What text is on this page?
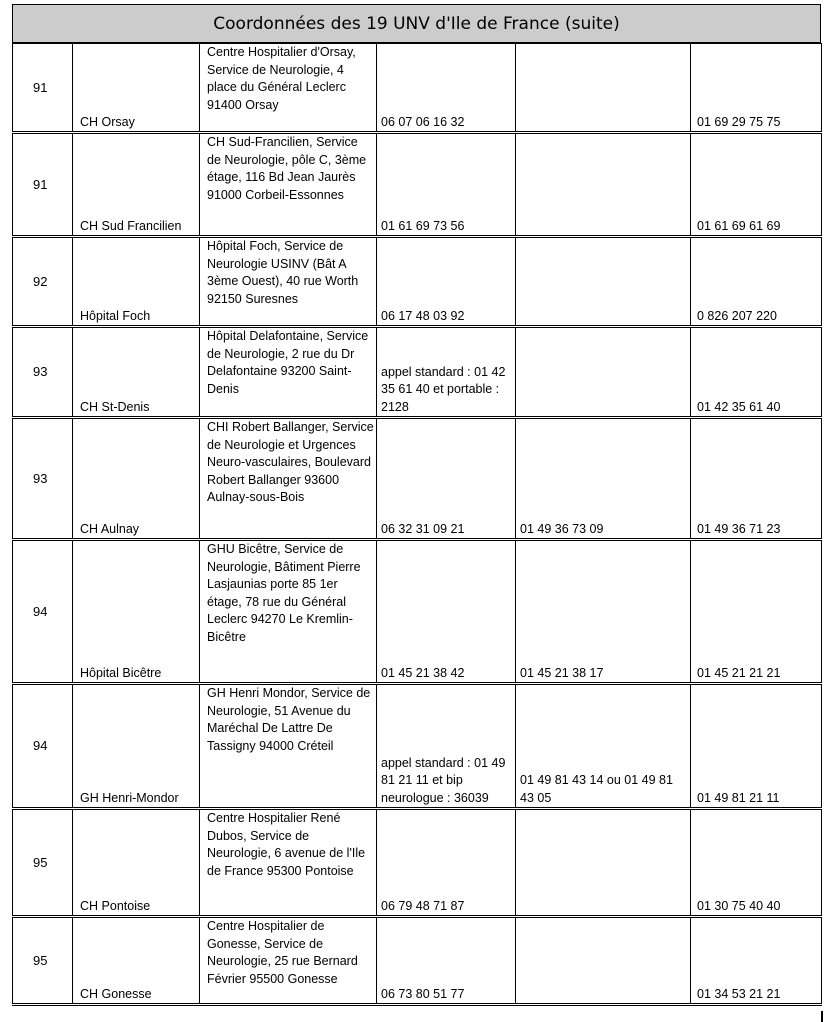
Coordonnées des 19 UNV d'Ile de France (suite)
91	CH Orsay	Centre Hospitalier d'Orsay, Service de Neurologie, 4 place du Général Leclerc 91400 Orsay	06 07 06 16 32		01 69 29 75 75
91	CH Sud Francilien	CH Sud-Francilien, Service de Neurologie, pôle C, 3ème étage, 116 Bd Jean Jaurès 91000 Corbeil-Essonnes	01 61 69 73 56		01 61 69 61 69
92	Hôpital Foch	Hôpital Foch, Service de Neurologie USINV (Bât A 3ème Ouest), 40 rue Worth 92150 Suresnes	06 17 48 03 92		0 826 207 220
93	CH St-Denis	Hôpital Delafontaine, Service de Neurologie, 2 rue du Dr Delafontaine 93200 Saint-Denis	appel standard : 01 42 35 61 40 et portable : 2128		01 42 35 61 40
93	CH Aulnay	CHI Robert Ballanger, Service de Neurologie et Urgences Neuro-vasculaires, Boulevard Robert Ballanger 93600 Aulnay-sous-Bois	06 32 31 09 21	01 49 36 73 09	01 49 36 71 23
94	Hôpital Bicêtre	GHU Bicêtre, Service de Neurologie, Bâtiment Pierre Lasjaunias porte 85 1er étage, 78 rue du Général Leclerc 94270 Le Kremlin-Bicêtre	01 45 21 38 42	01 45 21 38 17	01 45 21 21 21
94	GH Henri-Mondor	GH Henri Mondor, Service de Neurologie, 51 Avenue du Maréchal De Lattre De Tassigny 94000 Créteil	appel standard : 01 49 81 21 11 et bip neurologue : 36039	01 49 81 43 14 ou 01 49 81 43 05	01 49 81 21 11
95	CH Pontoise	Centre Hospitalier René Dubos, Service de Neurologie, 6 avenue de l'Ile de France 95300 Pontoise	06 79 48 71 87		01 30 75 40 40
95	CH Gonesse	Centre Hospitalier de Gonesse, Service de Neurologie, 25 rue Bernard Février 95500 Gonesse	06 73 80 51 77		01 34 53 21 21
